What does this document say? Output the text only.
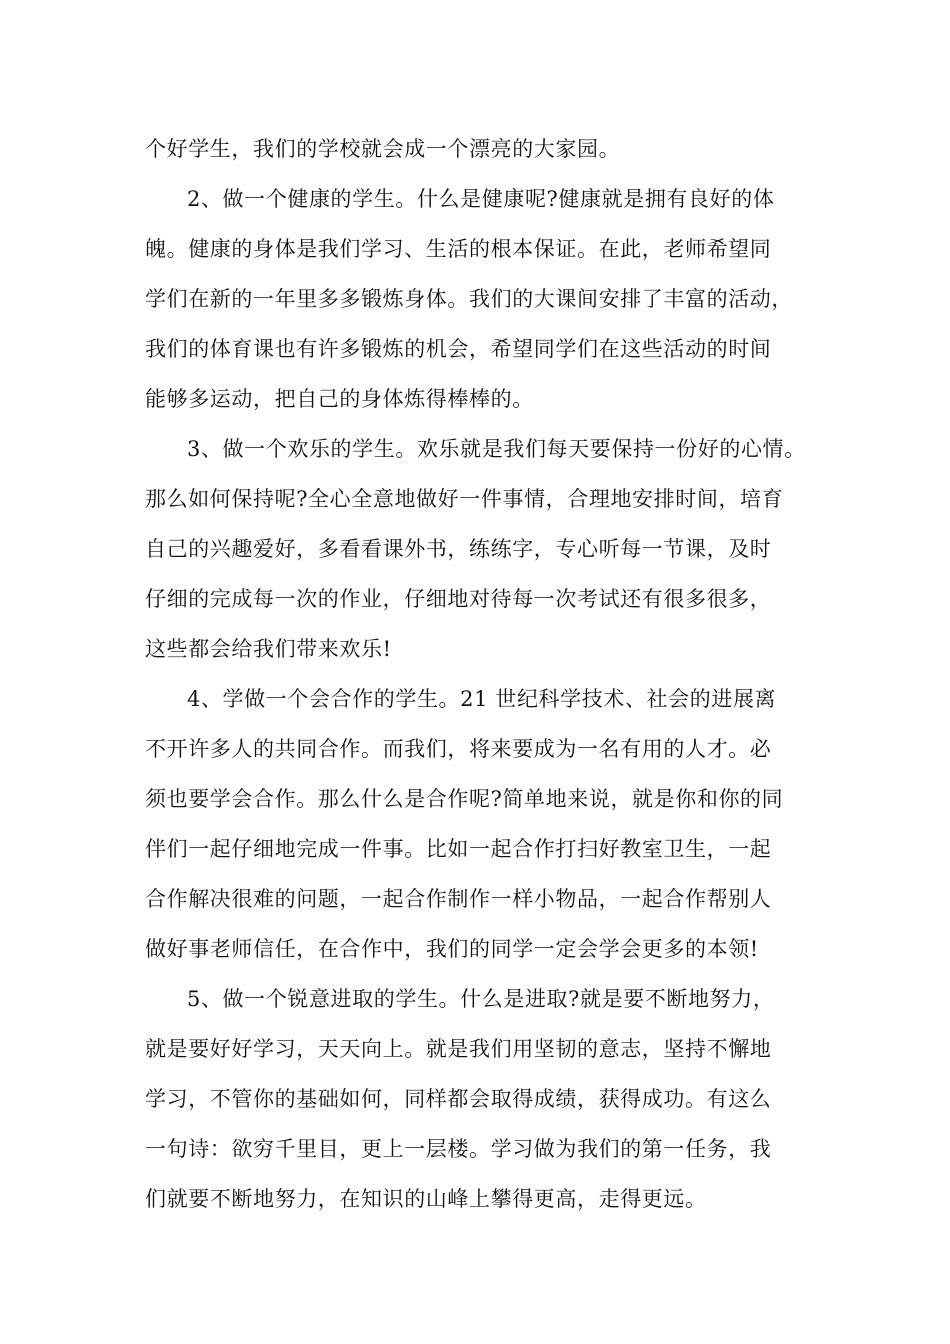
个好学生，我们的学校就会成一个漂亮的大家园。
2、做一个健康的学生。什么是健康呢?健康就是拥有良好的体
魄。健康的身体是我们学习、生活的根本保证。在此，老师希望同
学们在新的一年里多多锻炼身体。我们的大课间安排了丰富的活动，
我们的体育课也有许多锻炼的机会，希望同学们在这些活动的时间
能够多运动，把自己的身体炼得棒棒的。
3、做一个欢乐的学生。欢乐就是我们每天要保持一份好的心情。
那么如何保持呢?全心全意地做好一件事情，合理地安排时间，培育
自己的兴趣爱好，多看看课外书，练练字，专心听每一节课，及时
仔细的完成每一次的作业，仔细地对待每一次考试还有很多很多，
这些都会给我们带来欢乐!
4、学做一个会合作的学生。21 世纪科学技术、社会的进展离
不开许多人的共同合作。而我们，将来要成为一名有用的人才。必
须也要学会合作。那么什么是合作呢?简单地来说，就是你和你的同
伴们一起仔细地完成一件事。比如一起合作打扫好教室卫生，一起
合作解决很难的问题，一起合作制作一样小物品，一起合作帮别人
做好事老师信任，在合作中，我们的同学一定会学会更多的本领!
5、做一个锐意进取的学生。什么是进取?就是要不断地努力，
就是要好好学习，天天向上。就是我们用坚韧的意志，坚持不懈地
学习，不管你的基础如何，同样都会取得成绩，获得成功。有这么
一句诗：欲穷千里目，更上一层楼。学习做为我们的第一任务，我
们就要不断地努力，在知识的山峰上攀得更高，走得更远。
